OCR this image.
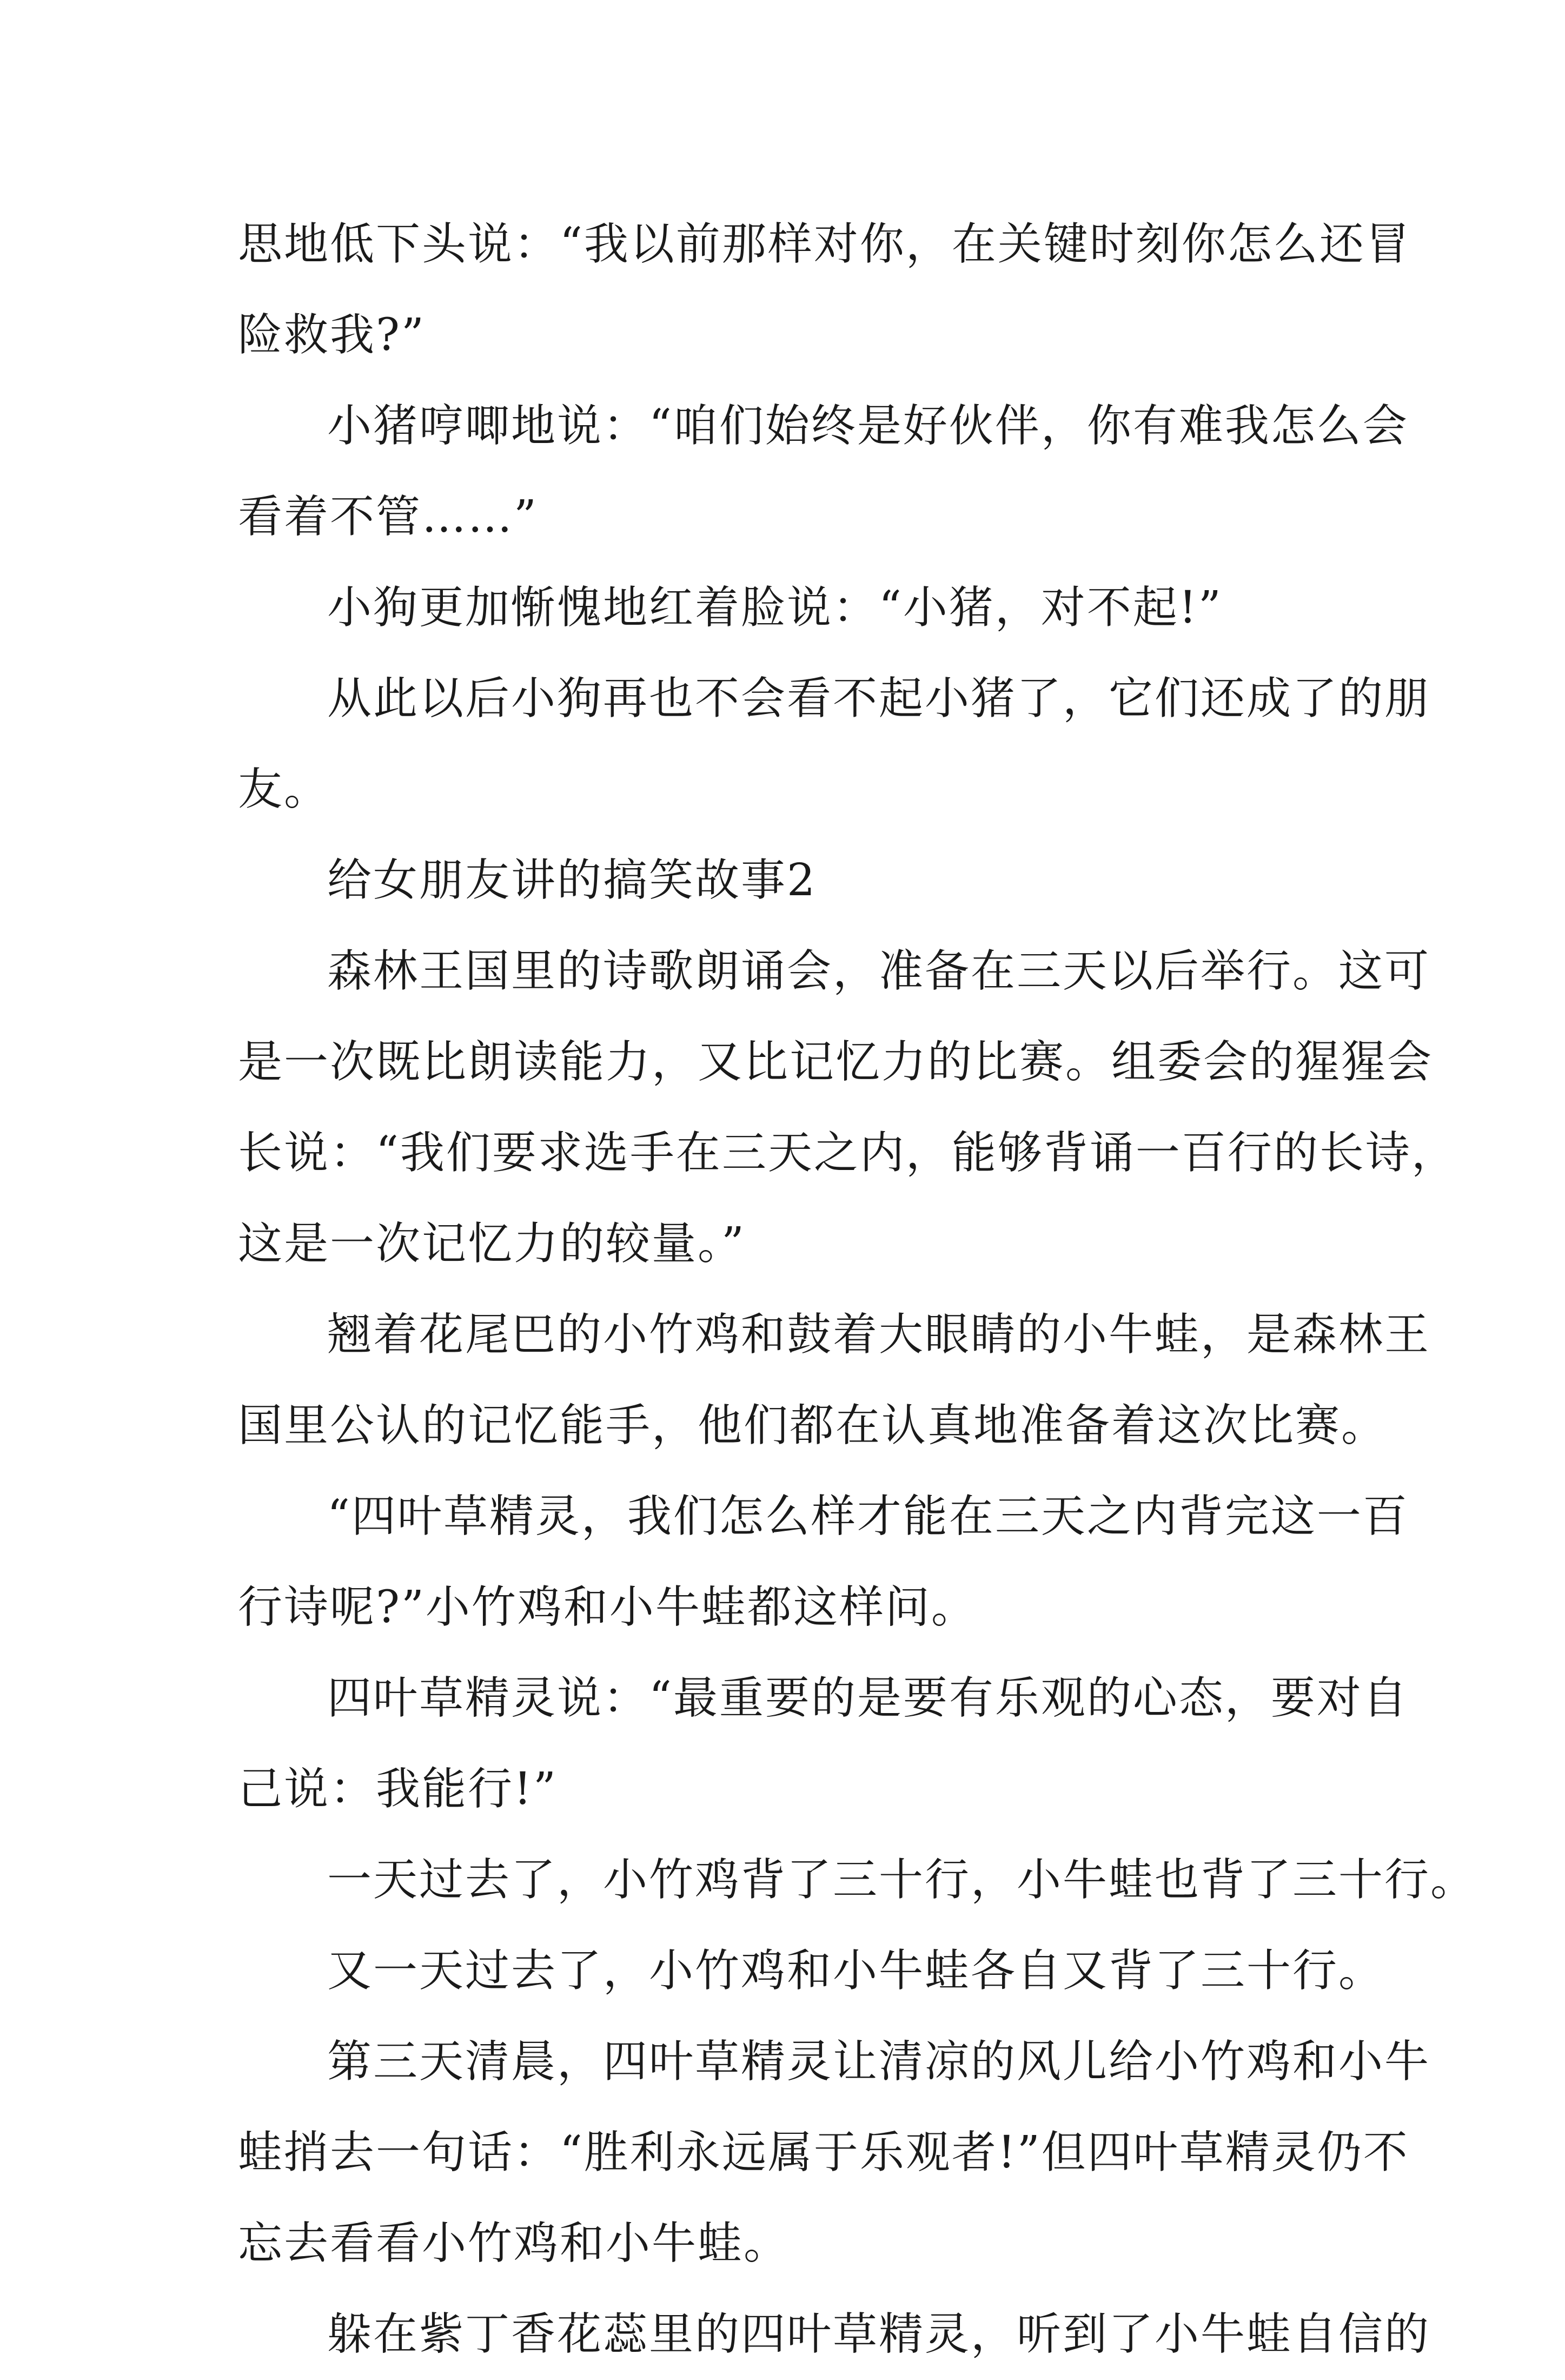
思地低下头说：“我以前那样对你，在关键时刻你怎么还冒
险救我?”
小猪哼唧地说：“咱们始终是好伙伴，你有难我怎么会
看着不管……”
小狗更加惭愧地红着脸说：“小猪，对不起!”
从此以后小狗再也不会看不起小猪了，它们还成了的朋
友。
给女朋友讲的搞笑故事2
森林王国里的诗歌朗诵会，准备在三天以后举行。这可
是一次既比朗读能力，又比记忆力的比赛。组委会的猩猩会
长说：“我们要求选手在三天之内，能够背诵一百行的长诗，
这是一次记忆力的较量。”
翘着花尾巴的小竹鸡和鼓着大眼睛的小牛蛙，是森林王
国里公认的记忆能手，他们都在认真地准备着这次比赛。
“四叶草精灵，我们怎么样才能在三天之内背完这一百
行诗呢?”小竹鸡和小牛蛙都这样问。
四叶草精灵说：“最重要的是要有乐观的心态，要对自
己说：我能行!”
一天过去了，小竹鸡背了三十行，小牛蛙也背了三十行。
又一天过去了，小竹鸡和小牛蛙各自又背了三十行。
第三天清晨，四叶草精灵让清凉的风儿给小竹鸡和小牛
蛙捎去一句话：“胜利永远属于乐观者!”但四叶草精灵仍不
忘去看看小竹鸡和小牛蛙。
躲在紫丁香花蕊里的四叶草精灵，听到了小牛蛙自信的
